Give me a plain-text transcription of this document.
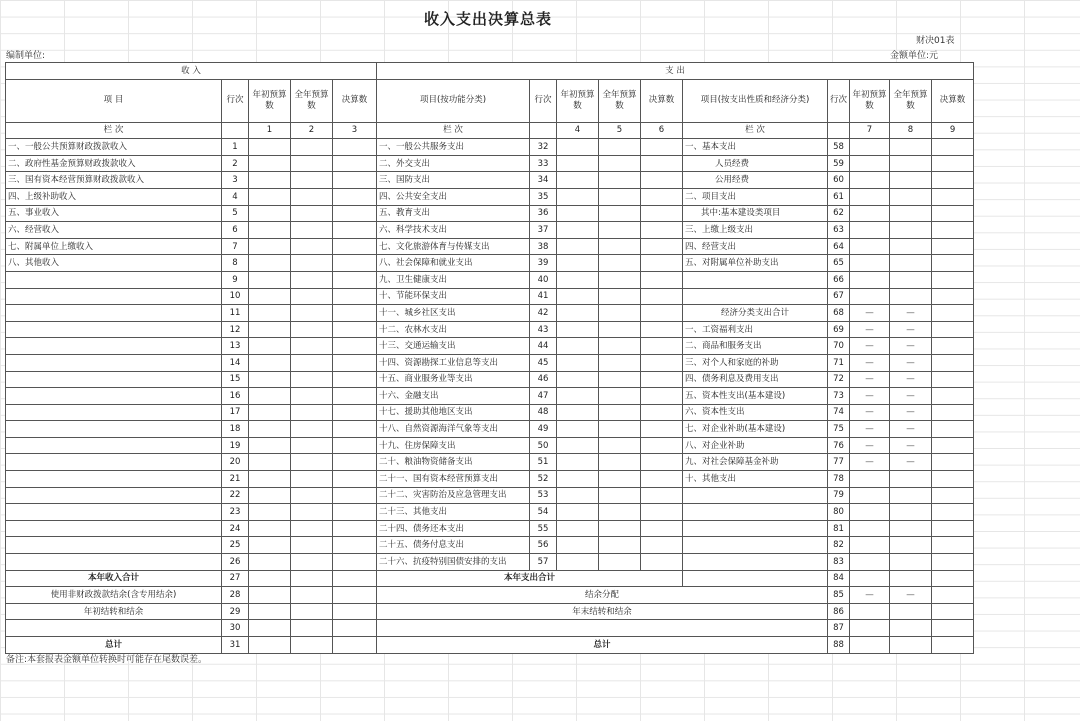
收入支出决算总表
财决01表
编制单位:	金额单位:元
收 入					支 出									
项 目	行次	年初预算数	全年预算数	决算数	项目(按功能分类)	行次	年初预算数	全年预算数	决算数	项目(按支出性质和经济分类)	行次	年初预算数	全年预算数	决算数
栏 次		1	2	3	栏 次		4	5	6	栏 次		7	8	9
一、一般公共预算财政拨款收入	1				一、一般公共服务支出	32				一、基本支出	58			
二、政府性基金预算财政拨款收入	2				二、外交支出	33				人员经费	59			
三、国有资本经营预算财政拨款收入	3				三、国防支出	34				公用经费	60			
四、上级补助收入	4				四、公共安全支出	35				二、项目支出	61			
五、事业收入	5				五、教育支出	36				其中:基本建设类项目	62			
六、经营收入	6				六、科学技术支出	37				三、上缴上级支出	63			
七、附属单位上缴收入	7				七、文化旅游体育与传媒支出	38				四、经营支出	64			
八、其他收入	8				八、社会保障和就业支出	39				五、对附属单位补助支出	65			
	9				九、卫生健康支出	40					66			
	10				十、节能环保支出	41					67			
	11				十一、城乡社区支出	42				经济分类支出合计	68	—	—	
	12				十二、农林水支出	43				一、工资福利支出	69	—	—	
	13				十三、交通运输支出	44				二、商品和服务支出	70	—	—	
	14				十四、资源勘探工业信息等支出	45				三、对个人和家庭的补助	71	—	—	
	15				十五、商业服务业等支出	46				四、债务利息及费用支出	72	—	—	
	16				十六、金融支出	47				五、资本性支出(基本建设)	73	—	—	
	17				十七、援助其他地区支出	48				六、资本性支出	74	—	—	
	18				十八、自然资源海洋气象等支出	49				七、对企业补助(基本建设)	75	—	—	
	19				十九、住房保障支出	50				八、对企业补助	76	—	—	
	20				二十、粮油物资储备支出	51				九、对社会保障基金补助	77	—	—	
	21				二十一、国有资本经营预算支出	52				十、其他支出	78			
	22				二十二、灾害防治及应急管理支出	53					79			
	23				二十三、其他支出	54					80			
	24				二十四、债务还本支出	55					81			
	25				二十五、债务付息支出	56					82			
	26				二十六、抗疫特别国债安排的支出	57					83			
本年收入合计	27				本年支出合计						84			
使用非财政拨款结余(含专用结余)	28				结余分配						85	—	—	
年初结转和结余	29				年末结转和结余						86			
	30										87			
总计	31				总计						88			
备注:本套报表金额单位转换时可能存在尾数误差。
